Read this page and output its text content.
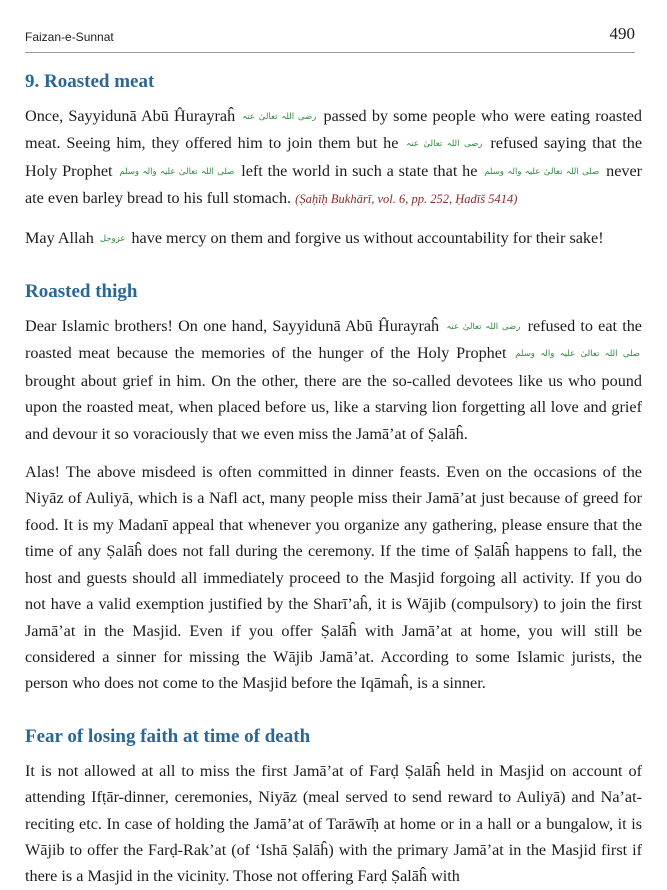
Faizan-e-Sunnat	490
9. Roasted meat

Once, Sayyidunā Abū Ĥurayraĥ رضی اللہ تعالیٰ عنہ passed by some people who were eating roasted meat. Seeing him, they offered him to join them but he رضی اللہ تعالیٰ عنہ refused saying that the Holy Prophet صلی اللہ تعالیٰ علیہ والہ وسلم left the world in such a state that he صلی اللہ تعالیٰ علیہ والہ وسلم never ate even barley bread to his full stomach. (Ṣaḥīḥ Bukhārī, vol. 6, pp. 252, Ḥadīš 5414)

May Allah عزوجل have mercy on them and forgive us without accountability for their sake!

Roasted thigh

Dear Islamic brothers! On one hand, Sayyidunā Abū Ĥurayraĥ رضی اللہ تعالیٰ عنہ refused to eat the roasted meat because the memories of the hunger of the Holy Prophet صلی اللہ تعالیٰ علیہ والہ وسلم brought about grief in him. On the other, there are the so-called devotees like us who pound upon the roasted meat, when placed before us, like a starving lion forgetting all love and grief and devour it so voraciously that we even miss the Jamā’at of Ṣalāĥ.

Alas! The above misdeed is often committed in dinner feasts. Even on the occasions of the Niyāz of Auliyā, which is a Nafl act, many people miss their Jamā’at just because of greed for food. It is my Madanī appeal that whenever you organize any gathering, please ensure that the time of any Ṣalāĥ does not fall during the ceremony. If the time of Ṣalāĥ happens to fall, the host and guests should all immediately proceed to the Masjid forgoing all activity. If you do not have a valid exemption justified by the Sharī’aĥ, it is Wājib (compulsory) to join the first Jamā’at in the Masjid. Even if you offer Ṣalāĥ with Jamā’at at home, you will still be considered a sinner for missing the Wājib Jamā’at. According to some Islamic jurists, the person who does not come to the Masjid before the Iqāmaĥ, is a sinner.

Fear of losing faith at time of death

It is not allowed at all to miss the first Jamā’at of Farḍ Ṣalāĥ held in Masjid on account of attending Ifṭār-dinner, ceremonies, Niyāz (meal served to send reward to Auliyā) and Na’at-reciting etc. In case of holding the Jamā’at of Tarāwīḥ at home or in a hall or a bungalow, it is Wājib to offer the Farḍ-Rak’at (of ‘Ishā Ṣalāĥ) with the primary Jamā’at in the Masjid first if there is a Masjid in the vicinity. Those not offering Farḍ Ṣalāĥ with
